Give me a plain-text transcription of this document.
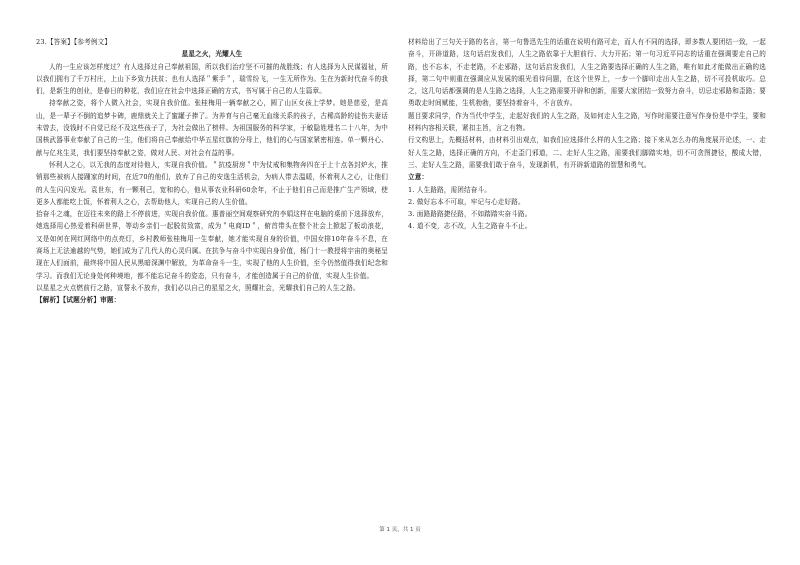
23.【答案】【参考例文】

星星之火，光耀人生

人的一生应该怎样度过？有人选择过自己奉献祖国，所以我们治疗坚不可摧的战胜线；有人选择为人民谋福祉，所以我们拥有了千万村庄，上山下乡致力扶贫；也有人选择＂紫手＂，瑞雪纷飞，一生无所作为。生在为新时代奋斗的我们，是新生的创业，是春日的种花，我们应在社会中选择正确的方式，书写属于自己的人生篇章。

持奉献之姿，将个人微入社会，实现自我价值。张桂梅用一辆奉献之心，圆了山区女孩上学梦。她是慈爱，是高山，是一辈子不倒的追梦卡碑，鹿鼎就关上了蜜罐子捧了。为养育与自己毫无血缘关系的孩子，古稀高龄的徒伤夫妻话未曾去，没钱时不自觉已经不及这些孩子了，为社会做出了榜样。为祖国服务的科学家，于敏隐姓埋名二十八年，为中国核武器事业奉献了自己的一生，他们将自己奉献给中华五星红旗的分母上，他们的心与国家紧密相连。单一颗丹心、献与亿兆生灵，我们要坚持奉献之姿，做对人民、对社会有益的事。

怀利人之心，以无我的态度对待他人，实现自我价值。＂抗疫厨房＂中为仗戒和集物奔四在于上十点各封炉火，推销那些被病人接踵家的时间，在近70的他们，放弃了自己的安逸生活机会，为病人带去温暖，怀着利人之心，让他们的人生闪闪发光。袁世东，有一颗利己，宽和的心，他从事农业科研60余年，不止于他们自己而是推广生产领域，使更多人都能吃上饭，怀着利人之心，去帮助他人，实现自己的人生价值。

拾奋斗之魂，在迈往未来的路上不停前进，实现自我价值。惠普丽空间观察研究的李娟这样在电脑的桌前下选择放弃，她选择用心热爱着科研世界，等动乡亲们一起脱贫致富，成为＂电商ID＂，俯首带头在整个社会上掀起了板动浪花，又是如何在网红网络中的点亮灯，乡村教师张桂梅用一生奉献，她才能实现自身的价值，中国女排10年奋斗不息，在赛场上无法逾越的气势，她们成为了几代人的心灵归属。在抗争与奋斗中实现自身价值，杨门十一教授将宇宙的奥秘呈现在人们面前，最终将中国人民从黑暗深渊中解放，为革命奋斗一生，实现了他的人生价值，至今仍然值得我们纪念和学习。而我们无论身处何种境地，都不能忘记奋斗的姿态，只有奋斗，才能创造属于自己的价值，实现人生价值。

以星星之火点燃前行之路，宣誓永不放弃，我们必以自己的星星之火，照耀社会，光耀我们自己的人生之路。

【解析】【试题分析】审题：

材料给出了三句关于路的名言，第一句鲁迅先生的话重在说明有路可走，而人有不同的选择，即多数人要团结一致，一起奋斗，开辟道路，这句话启发我们，人生之路依靠于大胆前行、大力开拓；第一句习近平同志的话重在强调要走自己的路，也不忘本，不走老路，不走邪路，这句话启发我们，人生之路要选择正确的人生之路，唯有如此才能做出正确的选择，第二句中则重在强调应从发展的眼光看待问题，在这个世界上，一步一个脚印走出人生之路，切不可投机取巧。总之，这几句话都强调的是人生路之选择，人生之路需要开辟和创新，需要大家团结一致努力奋斗，切忌走邪路和歪路；要勇敢走时间赋能，生机勃勃，要坚持着奋斗，不言放弃。

题目要求同学，作为当代中学生，走起好我们的人生之路，及如何走人生之路，写作时需要注意写作身份是中学生，要和材料内容相关联，紧扣主旨，言之有物。

行文构思上，先概括材料，由材料引出观点，如我们应选择什么样的人生之路；接下来从怎么办的角度展开论述，一、走好人生之路，选择正确的方向，不走歪门邪道，二、走好人生之路，需要我们脚踏实地，切不可贪图捷径，酸成大错，三、走好人生之路，需要我们敢于奋斗，发现新机，有开辟新道路的智慧和勇气。

立意：

1. 人生路路，需团结奋斗。

2. 做好忘本不可取，牢记与心走好路。

3. 面路路路捷径路，不如踏踏实奋斗路。

4. 道不变，志不改，人生之路奋斗不止。

第 1 页，共 1 页
